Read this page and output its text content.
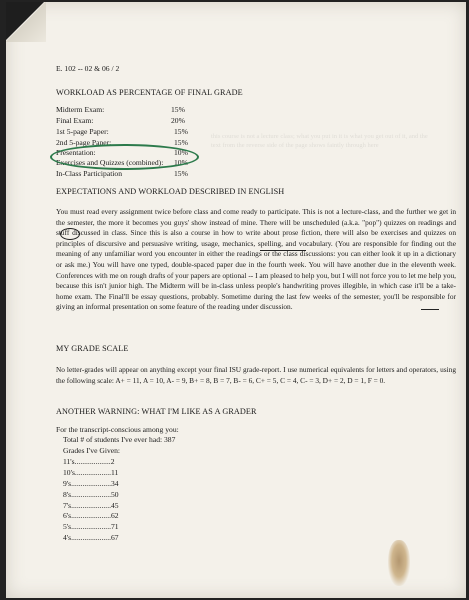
E. 102 -- 02 & 06 / 2
WORKLOAD AS PERCENTAGE OF FINAL GRADE
Midterm Exam:	15%
Final Exam:	20%
1st 5-page Paper:	15%
2nd 5-page Paper:	15%
Presentation:	10%
Exercises and Quizzes (combined): 10%
In-Class Participation	15%
EXPECTATIONS AND WORKLOAD DESCRIBED IN ENGLISH

You must read every assignment twice before class and come ready to participate. This is not a lecture-class, and the further we get in the semester, the more it becomes you guys' show instead of mine. There will be unscheduled (a.k.a. "pop") quizzes on readings and stuff discussed in class. Since this is also a course in how to write about prose fiction, there will also be exercises and quizzes on principles of discursive and persuasive writing, usage, mechanics, spelling, and vocabulary. (You are responsible for finding out the meaning of any unfamiliar word you encounter in either the readings or the class discussions: you can either look it up in a dictionary or ask me.) You will have one typed, double-spaced paper due in the fourth week. You will have another due in the eleventh week. Conferences with me on rough drafts of your papers are optional -- I am pleased to help you, but I will not force you to let me help you, because this isn't junior high. The Midterm will be in-class unless people's handwriting proves illegible, in which case it'll be a take-home exam. The Final'll be essay questions, probably. Sometime during the last few weeks of the semester, you'll be responsible for giving an informal presentation on some feature of the reading under discussion.

this course is not a lecture class; what you put in it is what you get out of it, and the text from the reverse side of the page shows faintly through here
MY GRADE SCALE

No letter-grades will appear on anything except your final ISU grade-report. I use numerical equivalents for letters and operators, using the following scale: A+ = 11, A = 10, A- = 9, B+ = 8, B = 7, B- = 6, C+ = 5, C = 4, C- = 3, D+ = 2, D = 1, F = 0.

ANOTHER WARNING: WHAT I'M LIKE AS A GRADER
For the transcript-conscious among you:
Total # of students I've ever had: 387
Grades I've Given:
11's...................2
10's...................11
9's.....................34
8's.....................50
7's.....................45
6's.....................62
5's.....................71
4's.....................67
